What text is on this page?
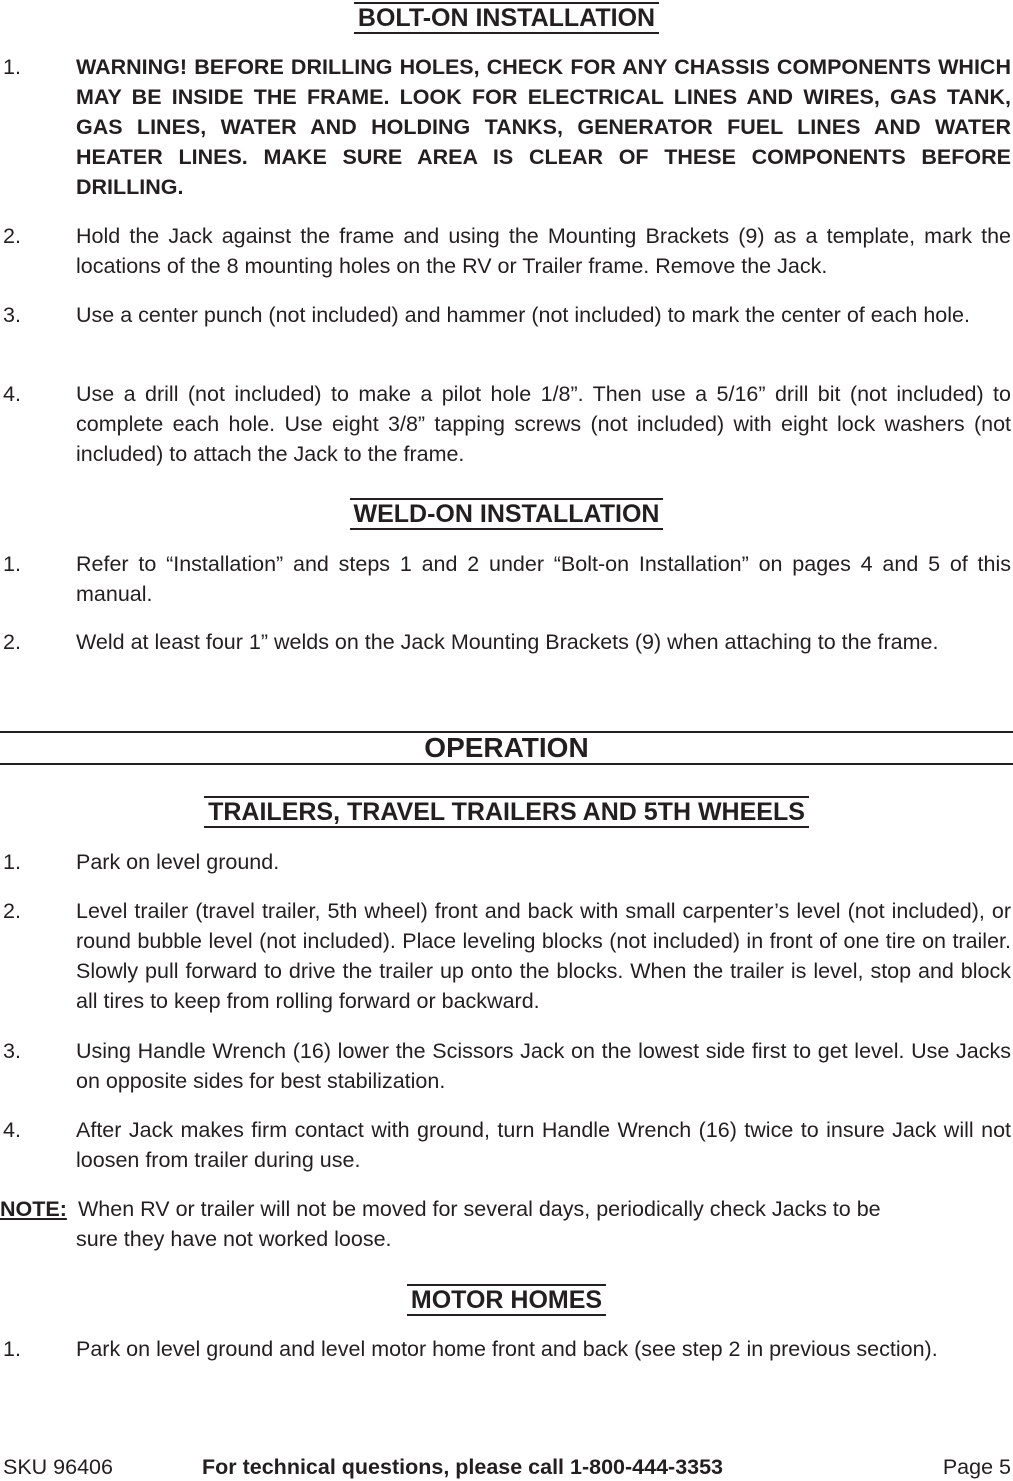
BOLT-ON INSTALLATION
1.	WARNING! BEFORE DRILLING HOLES, CHECK FOR ANY CHASSIS COMPONENTS WHICH MAY BE INSIDE THE FRAME. LOOK FOR ELECTRICAL LINES AND WIRES, GAS TANK, GAS LINES, WATER AND HOLDING TANKS, GENERATOR FUEL LINES AND WATER HEATER LINES. MAKE SURE AREA IS CLEAR OF THESE COMPONENTS BEFORE DRILLING.
2.	Hold the Jack against the frame and using the Mounting Brackets (9) as a template, mark the locations of the 8 mounting holes on the RV or Trailer frame. Remove the Jack.
3.	Use a center punch (not included) and hammer (not included) to mark the center of each hole.
4.	Use a drill (not included) to make a pilot hole 1/8”. Then use a 5/16” drill bit (not included) to complete each hole. Use eight 3/8” tapping screws (not included) with eight lock washers (not included) to attach the Jack to the frame.
WELD-ON INSTALLATION
1.	Refer to “Installation” and steps 1 and 2 under “Bolt-on Installation” on pages 4 and 5 of this manual.
2.	Weld at least four 1” welds on the Jack Mounting Brackets (9) when attaching to the frame.
OPERATION
TRAILERS, TRAVEL TRAILERS AND 5TH WHEELS
1.	Park on level ground.
2.	Level trailer (travel trailer, 5th wheel) front and back with small carpenter’s level (not included), or round bubble level (not included). Place leveling blocks (not included) in front of one tire on trailer. Slowly pull forward to drive the trailer up onto the blocks. When the trailer is level, stop and block all tires to keep from rolling forward or backward.
3.	Using Handle Wrench (16) lower the Scissors Jack on the lowest side first to get level. Use Jacks on opposite sides for best stabilization.
4.	After Jack makes firm contact with ground, turn Handle Wrench (16) twice to insure Jack will not loosen from trailer during use.
NOTE: When RV or trailer will not be moved for several days, periodically check Jacks to be
sure they have not worked loose.
MOTOR HOMES
1.	Park on level ground and level motor home front and back (see step 2 in previous section).
SKU 96406	For technical questions, please call 1-800-444-3353	Page 5
